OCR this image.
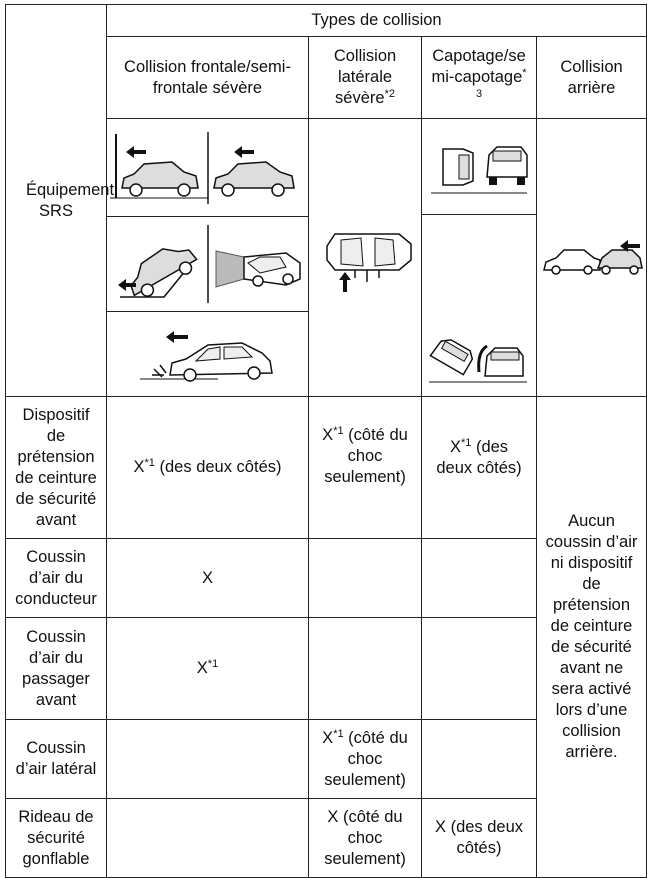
Équipement SRS	Types de collision			

	Collision frontale/semi-frontale sévère	Collision latérale sévère$^{*2}$	Capotage/semi-capotage$^{*3}$	Collision arrière

Dispositif de prétension de ceinture de sécurité avant	$X^{*1}$ (des deux côtés)	$X^{*1}$ (côté du choc seulement)	$X^{*1}$ (des deux côtés)	Aucun coussin d’air ni dispositif de prétension de ceinture de sécurité avant ne sera activé lors d’une collision arrière.

Coussin d’air du conducteur	X			

Coussin d’air du passager avant	$X^{*1}$

Coussin d’air latéral		$X^{*1}$ (côté du choc seulement)		

Rideau de sécurité gonflable		X (côté du choc seulement)	X (des deux côtés)	
